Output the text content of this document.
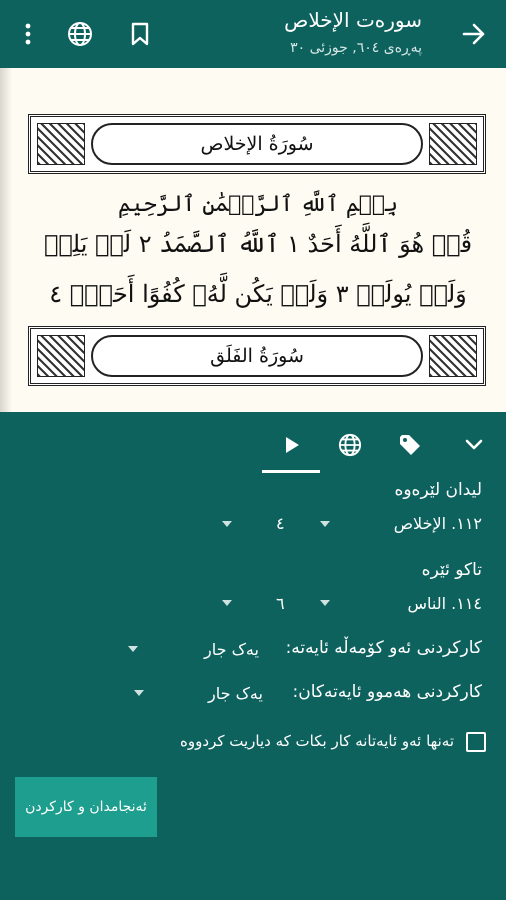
سورەت الإخلاص
پەڕەی ٦٠٤, جوزئی ٣٠
سُورَةُ الإخلاص
بِسۡمِ ٱللَّهِ ٱلرَّحۡمَٰنِ ٱلرَّحِيمِ
قُلۡ هُوَ ٱللَّهُ أَحَدٌ ١ ٱللَّهُ ٱلصَّمَدُ ٢ لَمۡ يَلِدۡ
وَلَمۡ يُولَدۡ ٣ وَلَمۡ يَكُن لَّهُۥ كُفُوًا أَحَدُۢ ٤
سُورَةُ الفَلَق
لیدان لێرەوە
١١٢. الإخلاص
٤
تاکو ئێرە
١١٤. الناس
٦
کارکردنی ئەو کۆمەڵە ئایەتە:
یەک جار
کارکردنی هەموو ئایەتەکان:
یەک جار
تەنها ئەو ئایەتانە کار بکات کە دیاریت کردووە
ئەنجامدان و کارکردن
